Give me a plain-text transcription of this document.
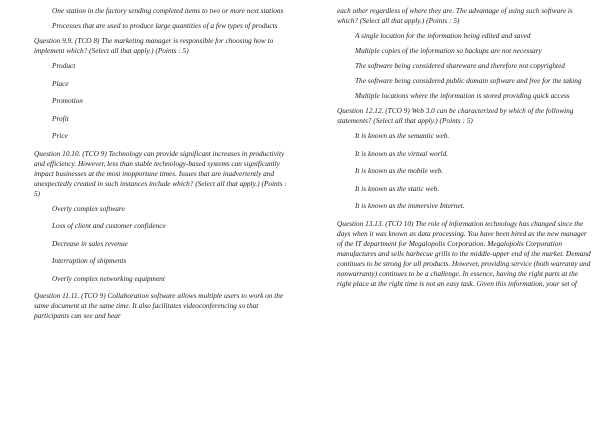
One station in the factory sending completed items to two or more next stations

Processes that are used to produce large quantities of a few types of products

Question 9.9. (TCO 8) The marketing manager is responsible for choosing how to implement which? (Select all that apply.) (Points : 5)

Product
Place
Promotion
Profit
Price

Question 10.10. (TCO 9) Technology can provide significant increases in productivity and efficiency. However, less than stable technology-based systems can significantly impact businesses at the most inopportune times. Issues that are inadvertently and unexpectedly created in such instances include which? (Select all that apply.) (Points : 5)

Overly complex software
Loss of client and customer confidence
Decrease in sales revenue
Interruption of shipments
Overly complex networking equipment

Question 11.11. (TCO 9) Collaboration software allows multiple users to work on the same document at the same time. It also facilitates videoconferencing so that participants can see and hear

each other regardless of where they are. The advantage of using such software is which? (Select all that apply.) (Points : 5)

A single location for the information being edited and saved
Multiple copies of the information so backups are not necessary
The software being considered shareware and therefore not copyrighted
The software being considered public domain software and free for the taking
Multiple locations where the information is stored providing quick access

Question 12.12. (TCO 9) Web 3.0 can be characterized by which of the following statements? (Select all that apply.) (Points : 5)

It is known as the semantic web.
It is known as the virtual world.
It is known as the mobile web.
It is known as the static web.
It is known as the immersive Internet.

Question 13.13. (TCO 10) The role of information technology has changed since the days when it was known as data processing. You have been hired as the new manager of the IT department for Megalopolis Corporation. Megalopolis Corporation manufactures and sells barbecue grills to the middle-upper end of the market. Demand continues to be strong for all products. However, providing service (both warranty and nonwarranty) continues to be a challenge. In essence, having the right parts at the right place at the right time is not an easy task. Given this information, your set of
